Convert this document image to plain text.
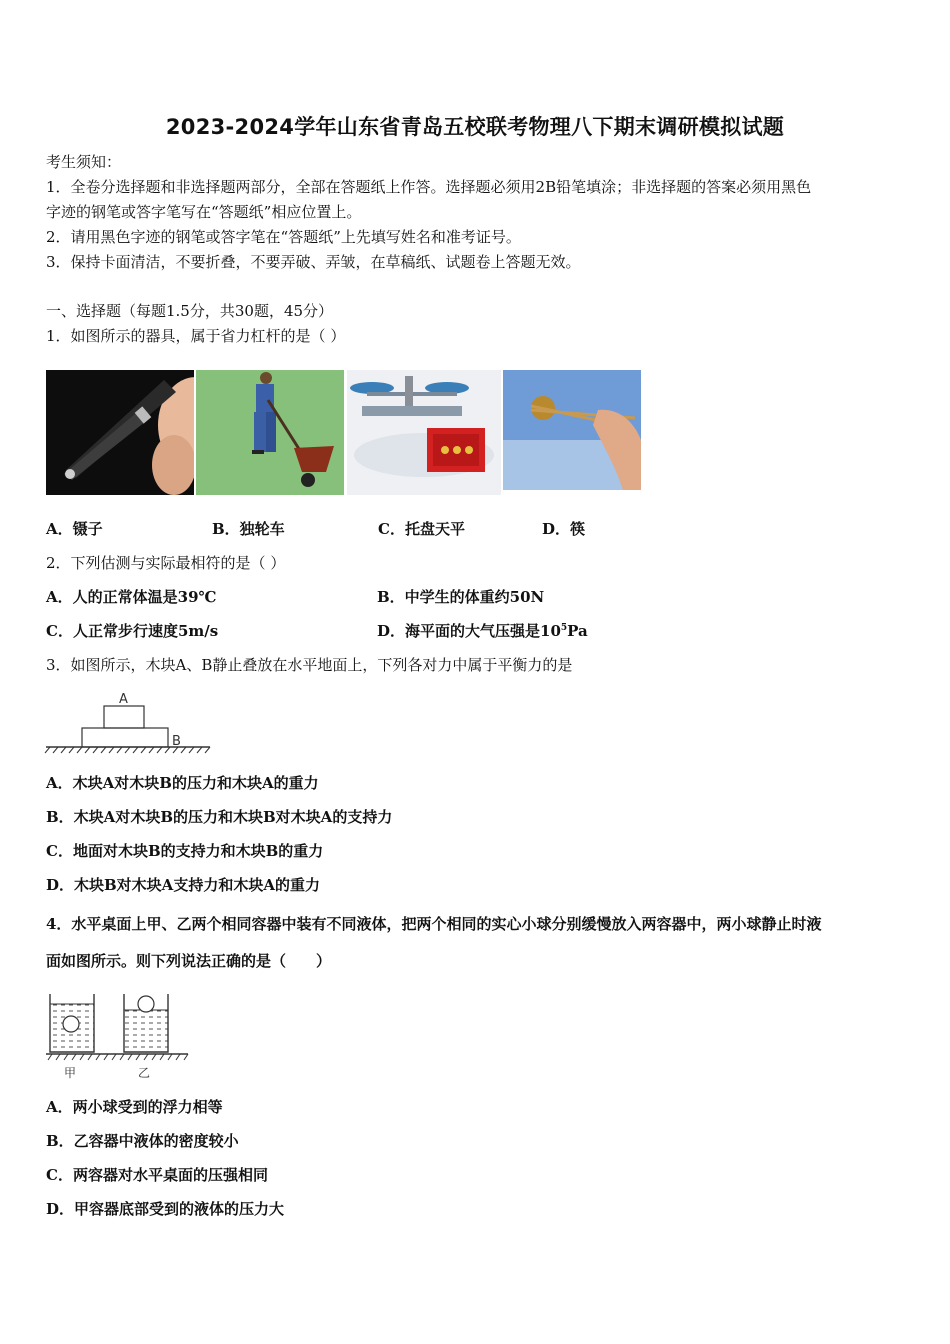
2023-2024学年山东省青岛五校联考物理八下期末调研模拟试题
考生须知：
1．全卷分选择题和非选择题两部分，全部在答题纸上作答。选择题必须用2B铅笔填涂；非选择题的答案必须用黑色
字迹的钢笔或答字笔写在“答题纸”相应位置上。
2．请用黑色字迹的钢笔或答字笔在“答题纸”上先填写姓名和准考证号。
3．保持卡面清洁，不要折叠，不要弄破、弄皱，在草稿纸、试题卷上答题无效。
一、选择题（每题1.5分，共30题，45分）
1．如图所示的器具，属于省力杠杆的是（ ）
A．镊子	B．独轮车	C．托盘天平	D．筷
2．下列估测与实际最相符的是（ ）
A．人的正常体温是39℃	B．中学生的体重约50N
C．人正常步行速度5m/s	D．海平面的大气压强是$10^5Pa$
3．如图所示，木块A、B静止叠放在水平地面上，下列各对力中属于平衡力的是
A
B
A．木块A对木块B的压力和木块A的重力
B．木块A对木块B的压力和木块B对木块A的支持力
C．地面对木块B的支持力和木块B的重力
D．木块B对木块A支持力和木块A的重力
4．水平桌面上甲、乙两个相同容器中装有不同液体，把两个相同的实心小球分别缓慢放入两容器中，两小球静止时液
面如图所示。则下列说法正确的是（　　）
甲	乙
A．两小球受到的浮力相等
B．乙容器中液体的密度较小
C．两容器对水平桌面的压强相同
D．甲容器底部受到的液体的压力大
